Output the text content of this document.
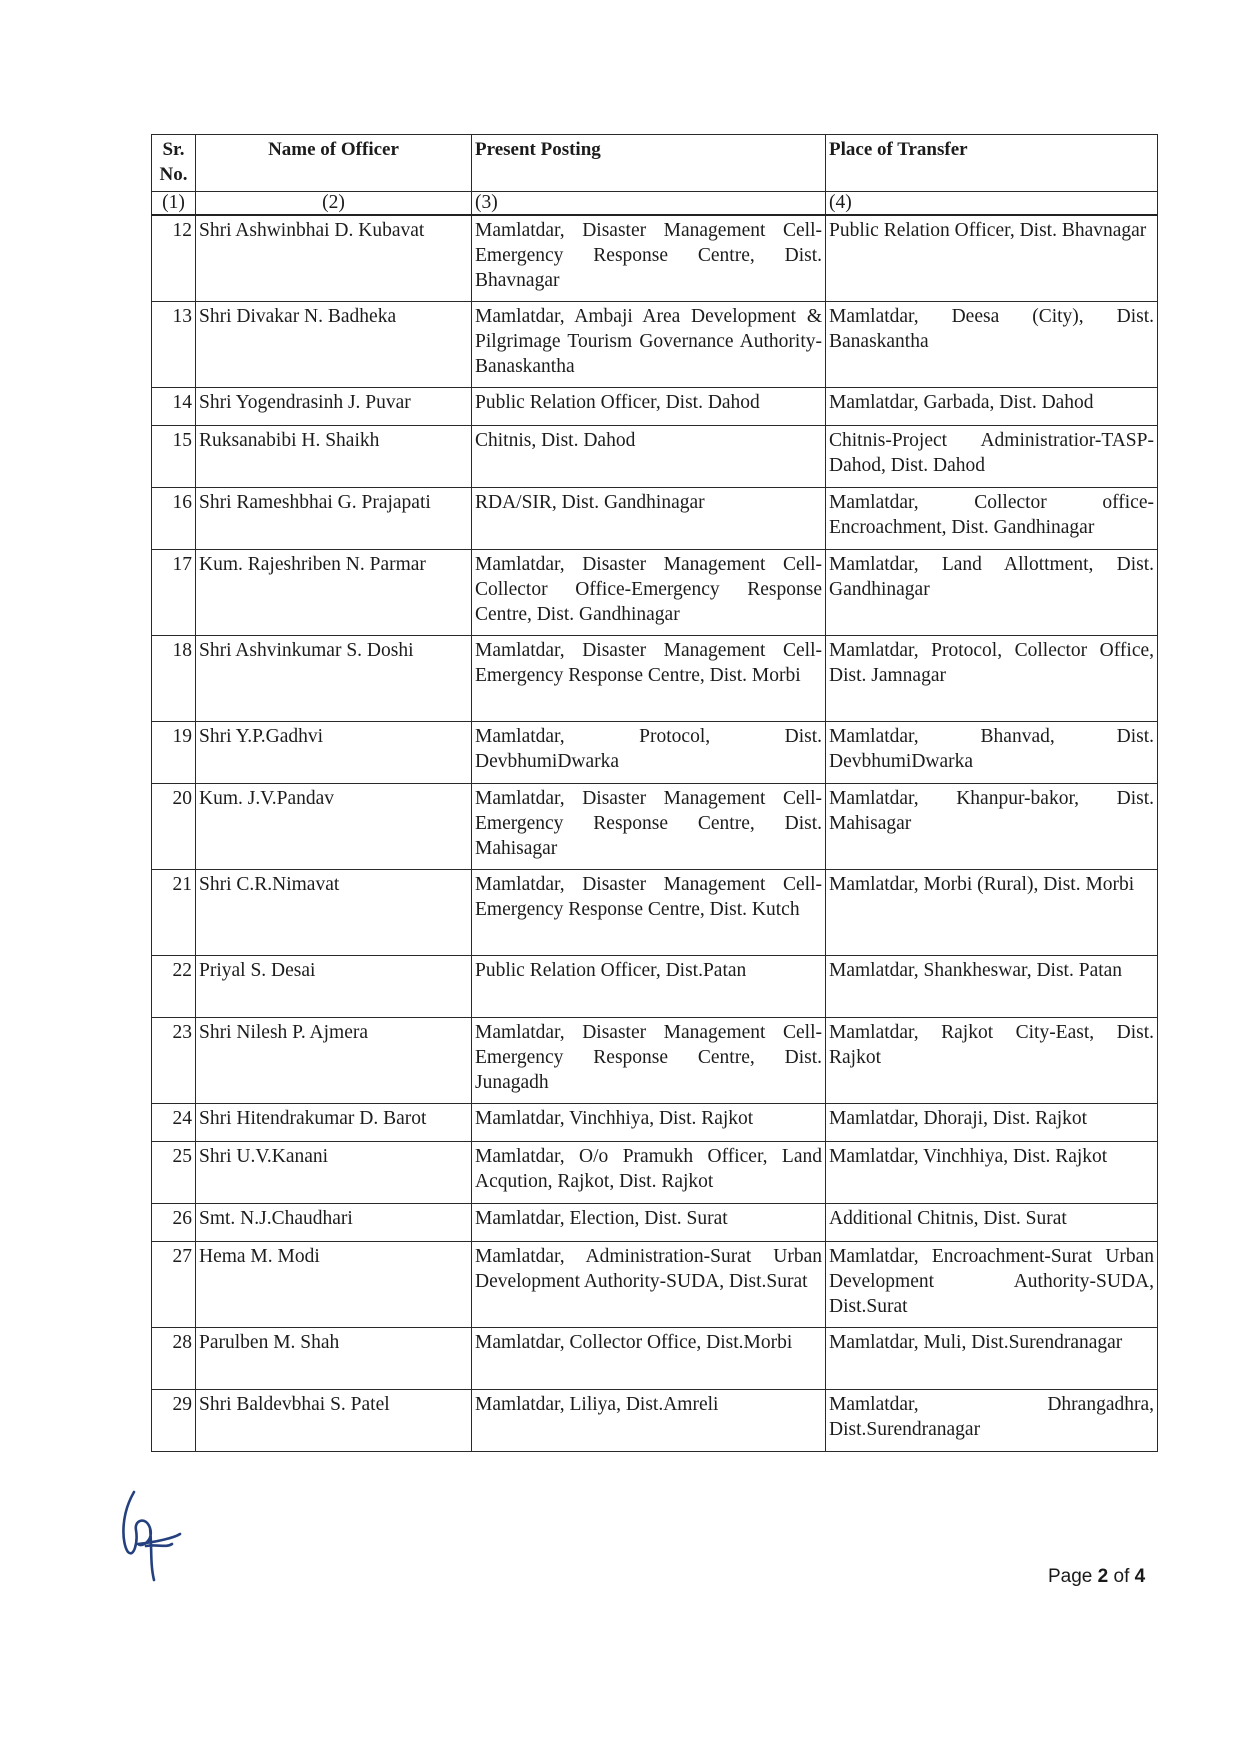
Sr. No.	Name of Officer	Present Posting	Place of Transfer
(1)	(2)	(3)	(4)
12	Shri Ashwinbhai D. Kubavat	Mamlatdar, Disaster Management Cell-Emergency Response Centre, Dist. Bhavnagar	Public Relation Officer, Dist. Bhavnagar
13	Shri Divakar N. Badheka	Mamlatdar, Ambaji Area Development & Pilgrimage Tourism Governance Authority-Banaskantha	Mamlatdar, Deesa (City), Dist. Banaskantha
14	Shri Yogendrasinh J. Puvar	Public Relation Officer, Dist. Dahod	Mamlatdar, Garbada, Dist. Dahod
15	Ruksanabibi H. Shaikh	Chitnis, Dist. Dahod	Chitnis-Project Administratior-TASP-Dahod, Dist. Dahod
16	Shri Rameshbhai G. Prajapati	RDA/SIR, Dist. Gandhinagar	Mamlatdar, Collector office-Encroachment, Dist. Gandhinagar
17	Kum. Rajeshriben N. Parmar	Mamlatdar, Disaster Management Cell-Collector Office-Emergency Response Centre, Dist. Gandhinagar	Mamlatdar, Land Allottment, Dist. Gandhinagar
18	Shri Ashvinkumar S. Doshi	Mamlatdar, Disaster Management Cell-Emergency Response Centre, Dist. Morbi	Mamlatdar, Protocol, Collector Office, Dist. Jamnagar
19	Shri Y.P.Gadhvi	Mamlatdar, Protocol, Dist. DevbhumiDwarka	Mamlatdar, Bhanvad, Dist. DevbhumiDwarka
20	Kum. J.V.Pandav	Mamlatdar, Disaster Management Cell-Emergency Response Centre, Dist. Mahisagar	Mamlatdar, Khanpur-bakor, Dist. Mahisagar
21	Shri C.R.Nimavat	Mamlatdar, Disaster Management Cell-Emergency Response Centre, Dist. Kutch	Mamlatdar, Morbi (Rural), Dist. Morbi
22	Priyal S. Desai	Public Relation Officer, Dist.Patan	Mamlatdar, Shankheswar, Dist. Patan
23	Shri Nilesh P. Ajmera	Mamlatdar, Disaster Management Cell-Emergency Response Centre, Dist. Junagadh	Mamlatdar, Rajkot City-East, Dist. Rajkot
24	Shri Hitendrakumar D. Barot	Mamlatdar, Vinchhiya, Dist. Rajkot	Mamlatdar, Dhoraji, Dist. Rajkot
25	Shri U.V.Kanani	Mamlatdar, O/o Pramukh Officer, Land Acqution, Rajkot, Dist. Rajkot	Mamlatdar, Vinchhiya, Dist. Rajkot
26	Smt. N.J.Chaudhari	Mamlatdar, Election, Dist. Surat	Additional Chitnis, Dist. Surat
27	Hema M. Modi	Mamlatdar, Administration-Surat Urban Development Authority-SUDA, Dist.Surat	Mamlatdar, Encroachment-Surat Urban Development Authority-SUDA, Dist.Surat
28	Parulben M. Shah	Mamlatdar, Collector Office, Dist.Morbi	Mamlatdar, Muli, Dist.Surendranagar
29	Shri Baldevbhai S. Patel	Mamlatdar, Liliya, Dist.Amreli	Mamlatdar, Dhrangadhra, Dist.Surendranagar
Page 2 of 4
